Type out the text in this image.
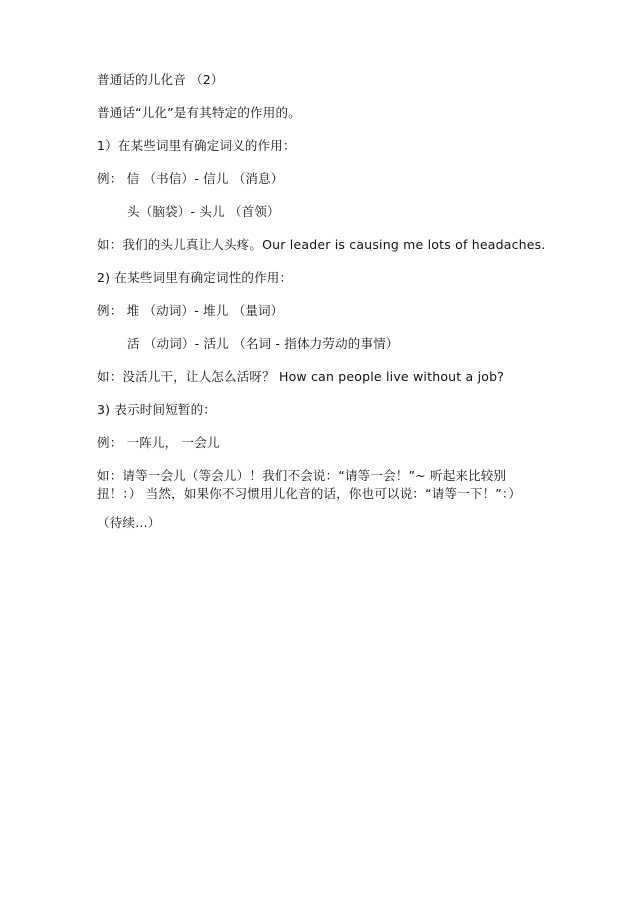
普通话的儿化音 （2）
普通话“儿化”是有其特定的作用的。
1）在某些词里有确定词义的作用：
例： 信 （书信）- 信儿 （消息）
头（脑袋）- 头儿 （首领）
如：我们的头儿真让人头疼。Our leader is causing me lots of headaches.
2) 在某些词里有确定词性的作用：
例： 堆 （动词）- 堆儿 （量词）
活 （动词）- 活儿 （名词 - 指体力劳动的事情）
如：没活儿干，让人怎么活呀？ How can people live without a job?
3) 表示时间短暂的：
例： 一阵儿， 一会儿
如：请等一会儿（等会儿）！我们不会说：“请等一会！”~ 听起来比较别
扭！：） 当然，如果你不习惯用儿化音的话，你也可以说：“请等一下！”：）
（待续…）
